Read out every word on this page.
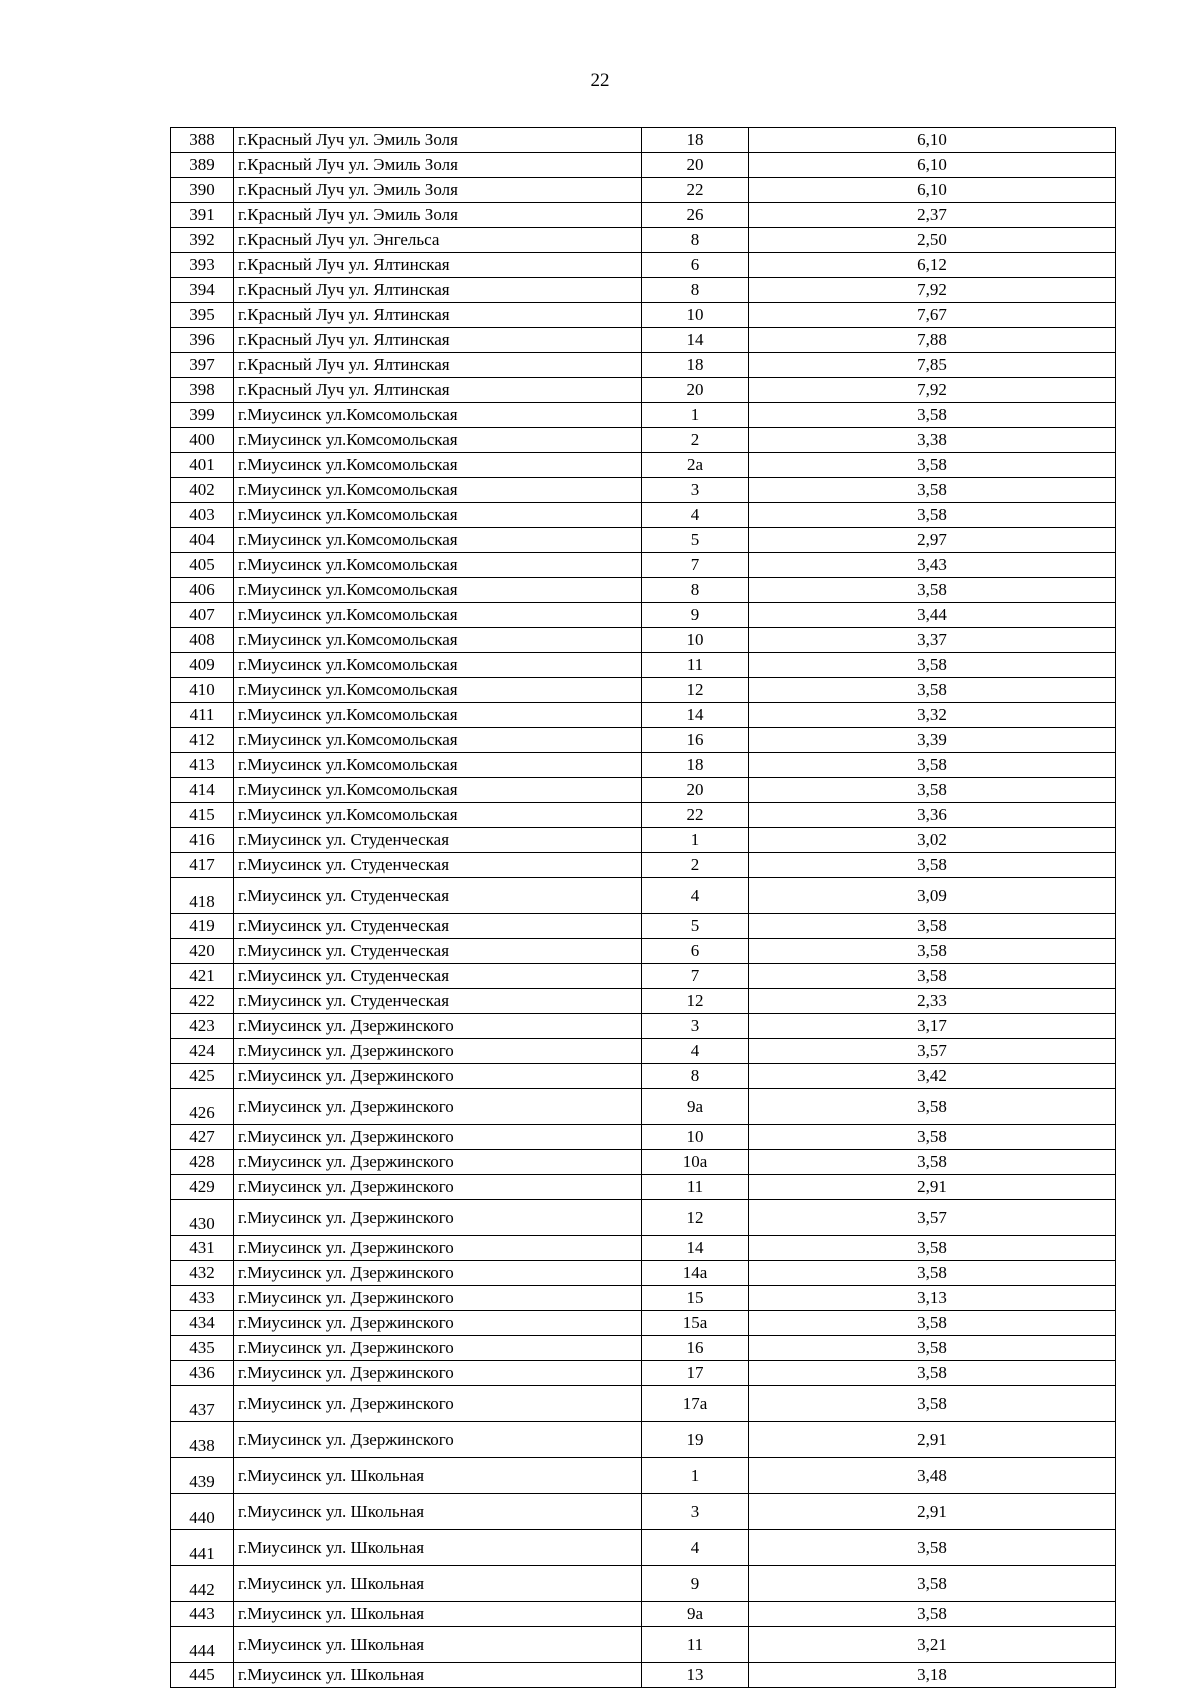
22
388	г.Красный Луч ул. Эмиль Золя	18	6,10
389	г.Красный Луч ул. Эмиль Золя	20	6,10
390	г.Красный Луч ул. Эмиль Золя	22	6,10
391	г.Красный Луч ул. Эмиль Золя	26	2,37
392	г.Красный Луч ул. Энгельса	8	2,50
393	г.Красный Луч ул. Ялтинская	6	6,12
394	г.Красный Луч ул. Ялтинская	8	7,92
395	г.Красный Луч ул. Ялтинская	10	7,67
396	г.Красный Луч ул. Ялтинская	14	7,88
397	г.Красный Луч ул. Ялтинская	18	7,85
398	г.Красный Луч ул. Ялтинская	20	7,92
399	г.Миусинск ул.Комсомольская	1	3,58
400	г.Миусинск ул.Комсомольская	2	3,38
401	г.Миусинск ул.Комсомольская	2а	3,58
402	г.Миусинск ул.Комсомольская	3	3,58
403	г.Миусинск ул.Комсомольская	4	3,58
404	г.Миусинск ул.Комсомольская	5	2,97
405	г.Миусинск ул.Комсомольская	7	3,43
406	г.Миусинск ул.Комсомольская	8	3,58
407	г.Миусинск ул.Комсомольская	9	3,44
408	г.Миусинск ул.Комсомольская	10	3,37
409	г.Миусинск ул.Комсомольская	11	3,58
410	г.Миусинск ул.Комсомольская	12	3,58
411	г.Миусинск ул.Комсомольская	14	3,32
412	г.Миусинск ул.Комсомольская	16	3,39
413	г.Миусинск ул.Комсомольская	18	3,58
414	г.Миусинск ул.Комсомольская	20	3,58
415	г.Миусинск ул.Комсомольская	22	3,36
416	г.Миусинск ул. Студенческая	1	3,02
417	г.Миусинск ул. Студенческая	2	3,58
418	г.Миусинск ул. Студенческая	4	3,09
419	г.Миусинск ул. Студенческая	5	3,58
420	г.Миусинск ул. Студенческая	6	3,58
421	г.Миусинск ул. Студенческая	7	3,58
422	г.Миусинск ул. Студенческая	12	2,33
423	г.Миусинск ул. Дзержинского	3	3,17
424	г.Миусинск ул. Дзержинского	4	3,57
425	г.Миусинск ул. Дзержинского	8	3,42
426	г.Миусинск ул. Дзержинского	9а	3,58
427	г.Миусинск ул. Дзержинского	10	3,58
428	г.Миусинск ул. Дзержинского	10а	3,58
429	г.Миусинск ул. Дзержинского	11	2,91
430	г.Миусинск ул. Дзержинского	12	3,57
431	г.Миусинск ул. Дзержинского	14	3,58
432	г.Миусинск ул. Дзержинского	14а	3,58
433	г.Миусинск ул. Дзержинского	15	3,13
434	г.Миусинск ул. Дзержинского	15а	3,58
435	г.Миусинск ул. Дзержинского	16	3,58
436	г.Миусинск ул. Дзержинского	17	3,58
437	г.Миусинск ул. Дзержинского	17а	3,58
438	г.Миусинск ул. Дзержинского	19	2,91
439	г.Миусинск ул. Школьная	1	3,48
440	г.Миусинск ул. Школьная	3	2,91
441	г.Миусинск ул. Школьная	4	3,58
442	г.Миусинск ул. Школьная	9	3,58
443	г.Миусинск ул. Школьная	9а	3,58
444	г.Миусинск ул. Школьная	11	3,21
445	г.Миусинск ул. Школьная	13	3,18
